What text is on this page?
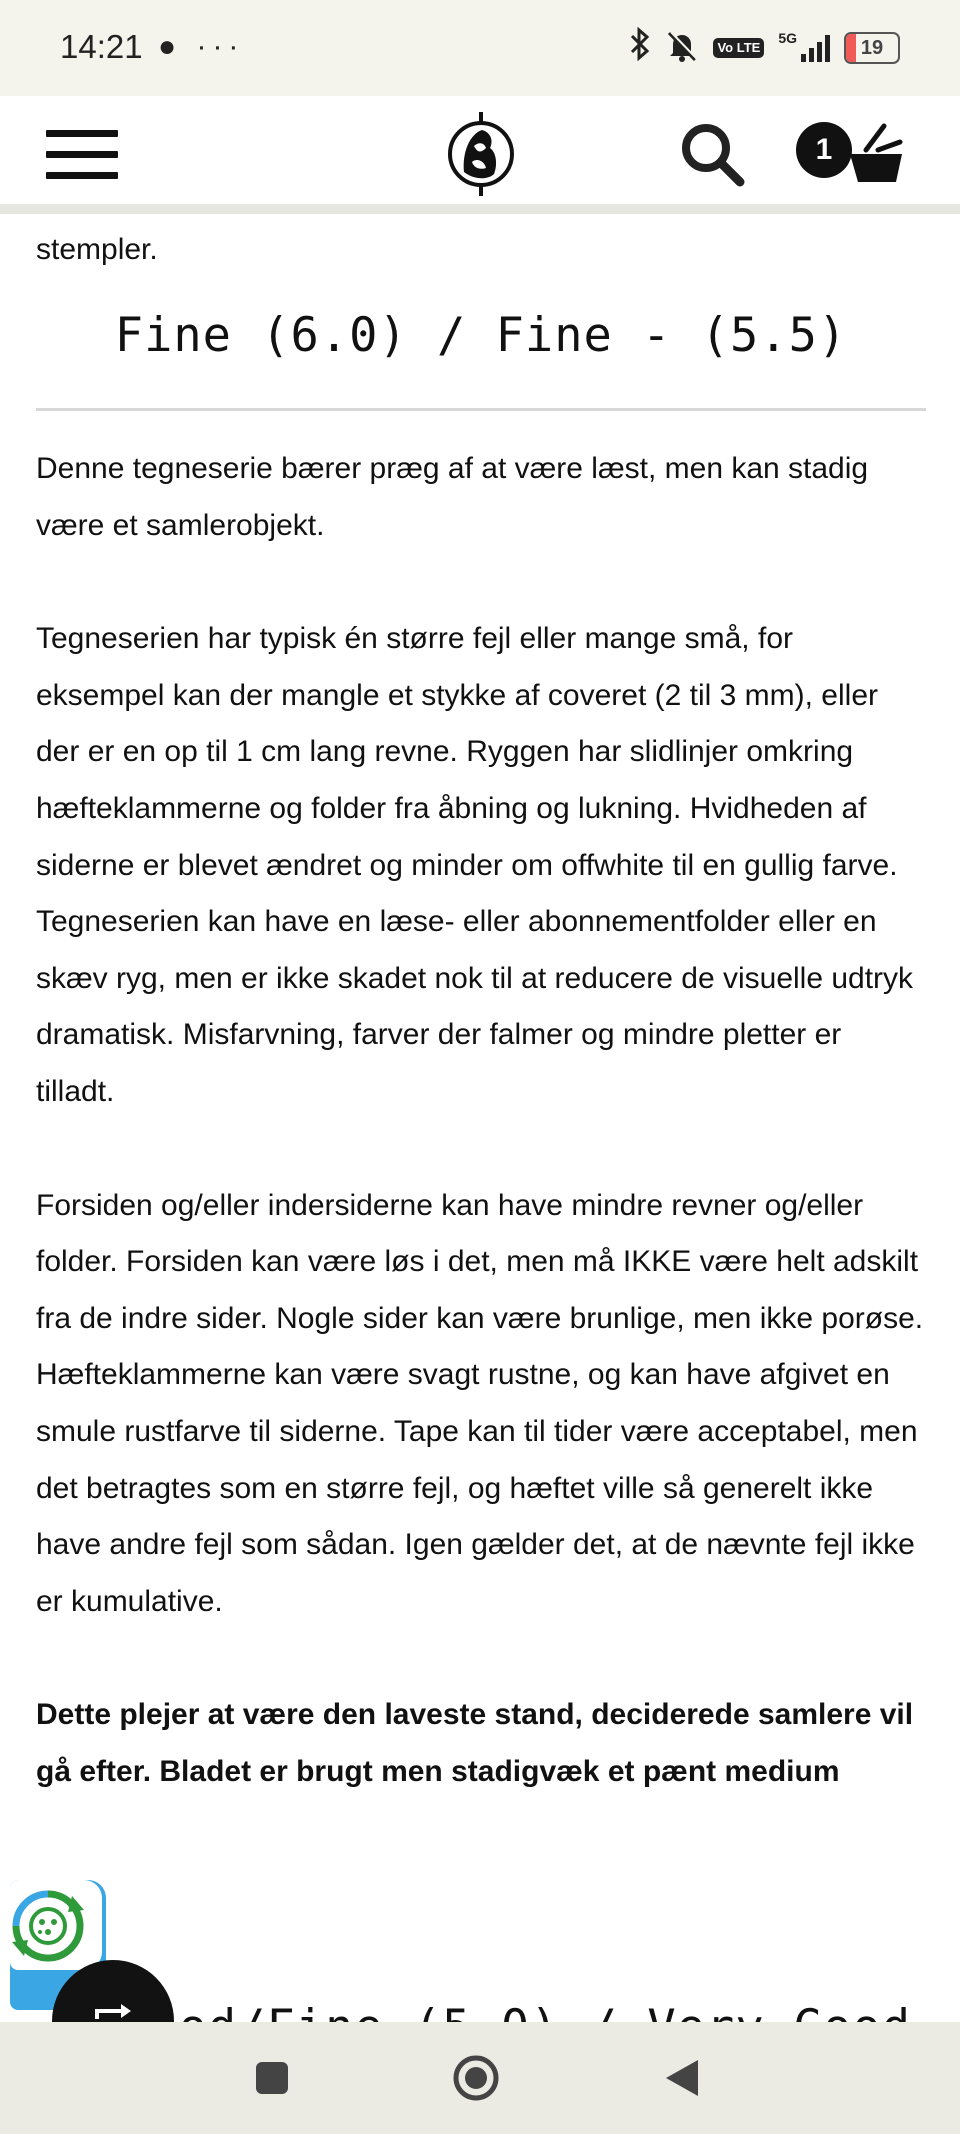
14:21 ● ···	Vo LTE
5G	19
1

stempler.

Fine (6.0) / Fine - (5.5)

Denne tegneserie bærer præg af at være læst, men kan stadig være et samlerobjekt.

Tegneserien har typisk én større fejl eller mange små, for eksempel kan der mangle et stykke af coveret (2 til 3 mm), eller der er en op til 1 cm lang revne. Ryggen har slidlinjer omkring hæfteklammerne og folder fra åbning og lukning. Hvidheden af siderne er blevet ændret og minder om offwhite til en gullig farve. Tegneserien kan have en læse- eller abonnementfolder eller en skæv ryg, men er ikke skadet nok til at reducere de visuelle udtryk dramatisk. Misfarvning, farver der falmer og mindre pletter er tilladt.

Forsiden og/eller indersiderne kan have mindre revner og/eller folder. Forsiden kan være løs i det, men må IKKE være helt adskilt fra de indre sider. Nogle sider kan være brunlige, men ikke porøse. Hæfteklammerne kan være svagt rustne, og kan have afgivet en smule rustfarve til siderne. Tape kan til tider være acceptabel, men det betragtes som en større fejl, og hæftet ville så generelt ikke have andre fejl som sådan. Igen gælder det, at de nævnte fejl ikke er kumulative.

Dette plejer at være den laveste stand, deciderede samlere vil gå efter. Bladet er brugt men stadigvæk et pænt medium
